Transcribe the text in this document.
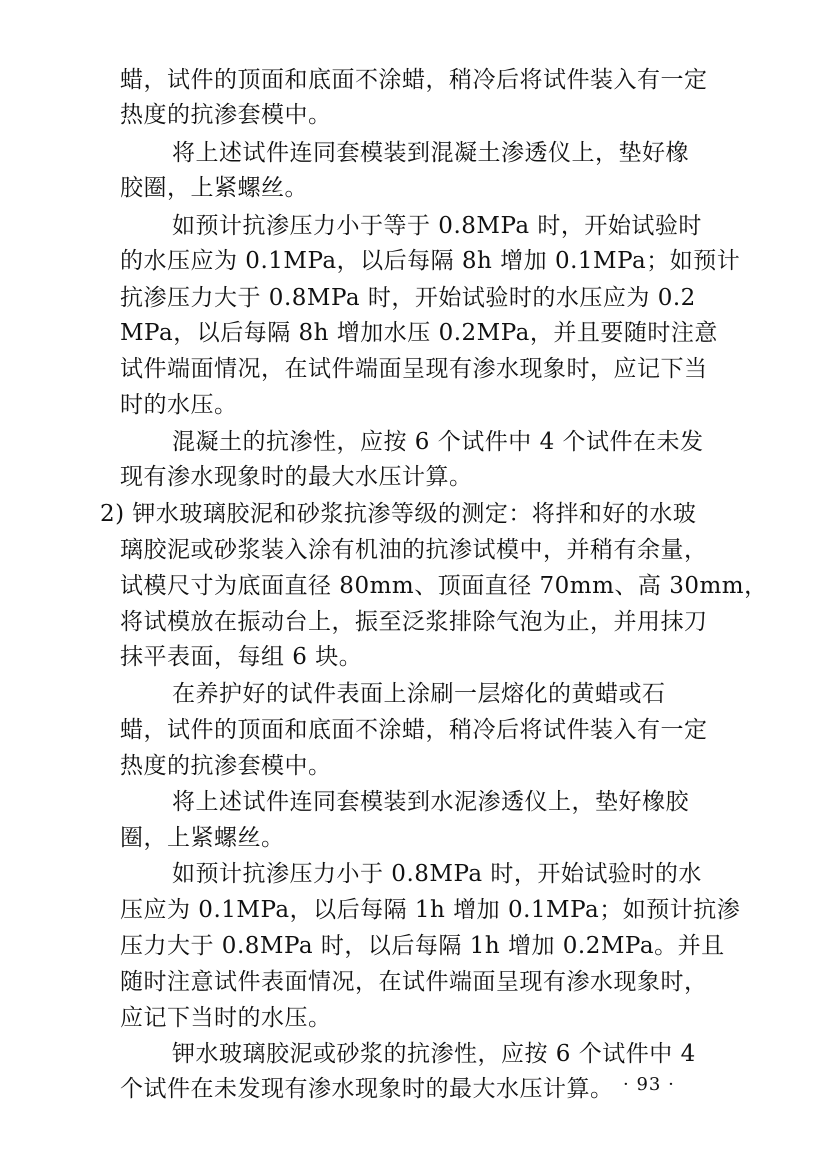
蜡，试件的顶面和底面不涂蜡，稍冷后将试件装入有一定
热度的抗渗套模中。
将上述试件连同套模装到混凝土渗透仪上，垫好橡
胶圈，上紧螺丝。
如预计抗渗压力小于等于 0.8MPa 时，开始试验时
的水压应为 0.1MPa，以后每隔 8h 增加 0.1MPa；如预计
抗渗压力大于 0.8MPa 时，开始试验时的水压应为 0.2
MPa，以后每隔 8h 增加水压 0.2MPa，并且要随时注意
试件端面情况，在试件端面呈现有渗水现象时，应记下当
时的水压。
混凝土的抗渗性，应按 6 个试件中 4 个试件在未发
现有渗水现象时的最大水压计算。
2) 钾水玻璃胶泥和砂浆抗渗等级的测定：将拌和好的水玻
璃胶泥或砂浆装入涂有机油的抗渗试模中，并稍有余量，
试模尺寸为底面直径 80mm、顶面直径 70mm、高 30mm，
将试模放在振动台上，振至泛浆排除气泡为止，并用抹刀
抹平表面，每组 6 块。
在养护好的试件表面上涂刷一层熔化的黄蜡或石
蜡，试件的顶面和底面不涂蜡，稍冷后将试件装入有一定
热度的抗渗套模中。
将上述试件连同套模装到水泥渗透仪上，垫好橡胶
圈，上紧螺丝。
如预计抗渗压力小于 0.8MPa 时，开始试验时的水
压应为 0.1MPa，以后每隔 1h 增加 0.1MPa；如预计抗渗
压力大于 0.8MPa 时，以后每隔 1h 增加 0.2MPa。并且
随时注意试件表面情况，在试件端面呈现有渗水现象时，
应记下当时的水压。
钾水玻璃胶泥或砂浆的抗渗性，应按 6 个试件中 4
个试件在未发现有渗水现象时的最大水压计算。 · 93 ·
